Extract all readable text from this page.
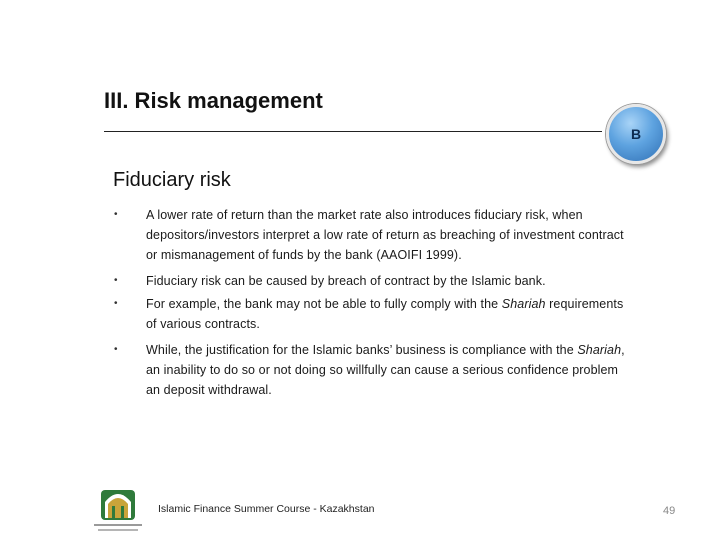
III. Risk management
B
Fiduciary risk
•	A lower rate of return than the market rate also introduces fiduciary risk, when depositors/investors interpret a low rate of return as breaching of investment contract or mismanagement of funds by the bank (AAOIFI 1999).
•	Fiduciary risk can be caused by breach of contract by the Islamic bank.
•	For example, the bank may not be able to fully comply with the Shariah requirements of various contracts.
•	While, the justification for the Islamic banks’ business is compliance with the Shariah, an inability to do so or not doing so willfully can cause a serious confidence problem an deposit withdrawal.
Islamic Finance Summer Course - Kazakhstan	49
